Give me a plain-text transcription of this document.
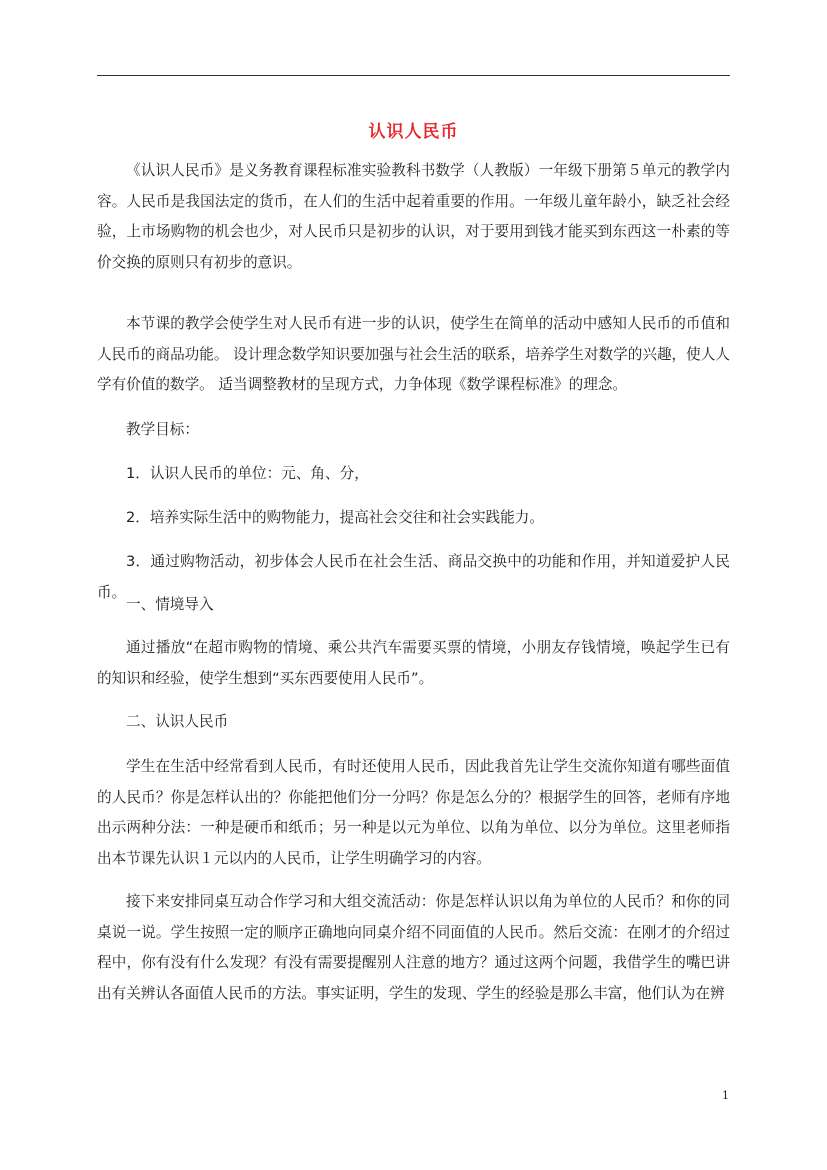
认识人民币

《认识人民币》是义务教育课程标准实验教科书数学（人教版）一年级下册第５单元的教学内容。人民币是我国法定的货币，在人们的生活中起着重要的作用。一年级儿童年龄小，缺乏社会经验，上市场购物的机会也少，对人民币只是初步的认识，对于要用到钱才能买到东西这一朴素的等价交换的原则只有初步的意识。

本节课的教学会使学生对人民币有进一步的认识，使学生在简单的活动中感知人民币的币值和人民币的商品功能。 设计理念数学知识要加强与社会生活的联系，培养学生对数学的兴趣，使人人学有价值的数学。 适当调整教材的呈现方式，力争体现《数学课程标准》的理念。

教学目标：

1．认识人民币的单位：元、角、分，

2．培养实际生活中的购物能力，提高社会交往和社会实践能力。

3．通过购物活动，初步体会人民币在社会生活、商品交换中的功能和作用，并知道爱护人民币。

一、情境导入

通过播放“在超市购物的情境、乘公共汽车需要买票的情境，小朋友存钱情境，唤起学生已有的知识和经验，使学生想到“买东西要使用人民币”。

二、认识人民币

学生在生活中经常看到人民币，有时还使用人民币，因此我首先让学生交流你知道有哪些面值的人民币？你是怎样认出的？你能把他们分一分吗？你是怎么分的？根据学生的回答，老师有序地出示两种分法：一种是硬币和纸币；另一种是以元为单位、以角为单位、以分为单位。这里老师指出本节课先认识１元以内的人民币，让学生明确学习的内容。

接下来安排同桌互动合作学习和大组交流活动：你是怎样认识以角为单位的人民币？和你的同桌说一说。学生按照一定的顺序正确地向同桌介绍不同面值的人民币。然后交流：在刚才的介绍过程中，你有没有什么发现？有没有需要提醒别人注意的地方？通过这两个问题，我借学生的嘴巴讲出有关辨认各面值人民币的方法。事实证明，学生的发现、学生的经验是那么丰富，他们认为在辨

1
